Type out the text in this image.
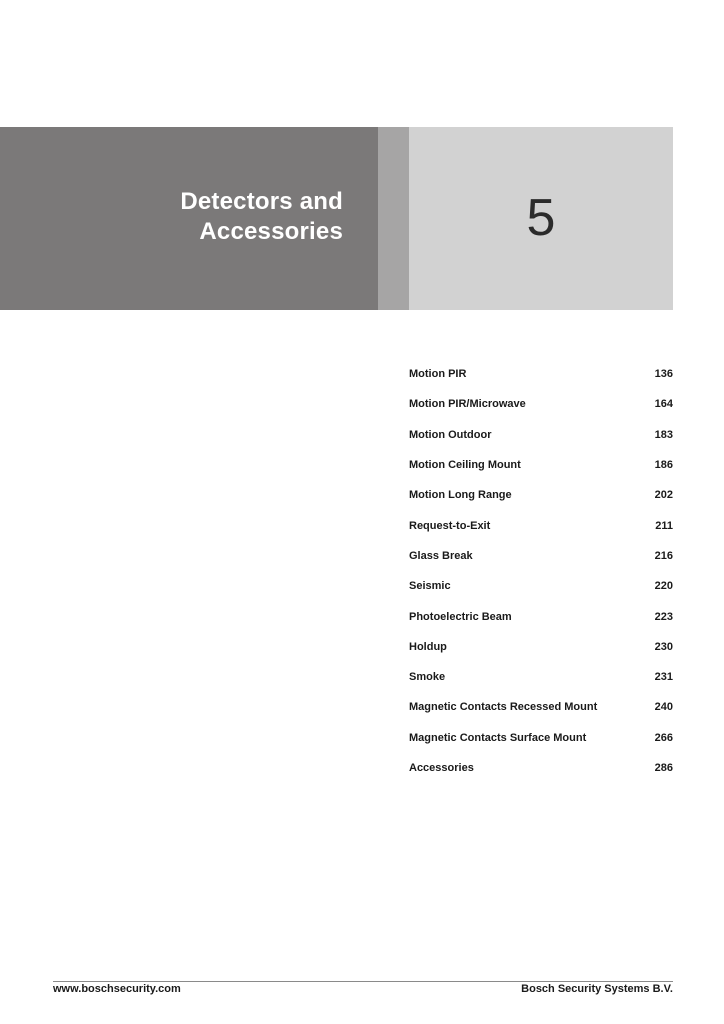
Detectors and
Accessories	5
Motion PIR	136
Motion PIR/Microwave	164
Motion Outdoor	183
Motion Ceiling Mount	186
Motion Long Range	202
Request-to-Exit	211
Glass Break	216
Seismic	220
Photoelectric Beam	223
Holdup	230
Smoke	231
Magnetic Contacts Recessed Mount	240
Magnetic Contacts Surface Mount	266
Accessories	286
www.boschsecurity.com	Bosch Security Systems B.V.
